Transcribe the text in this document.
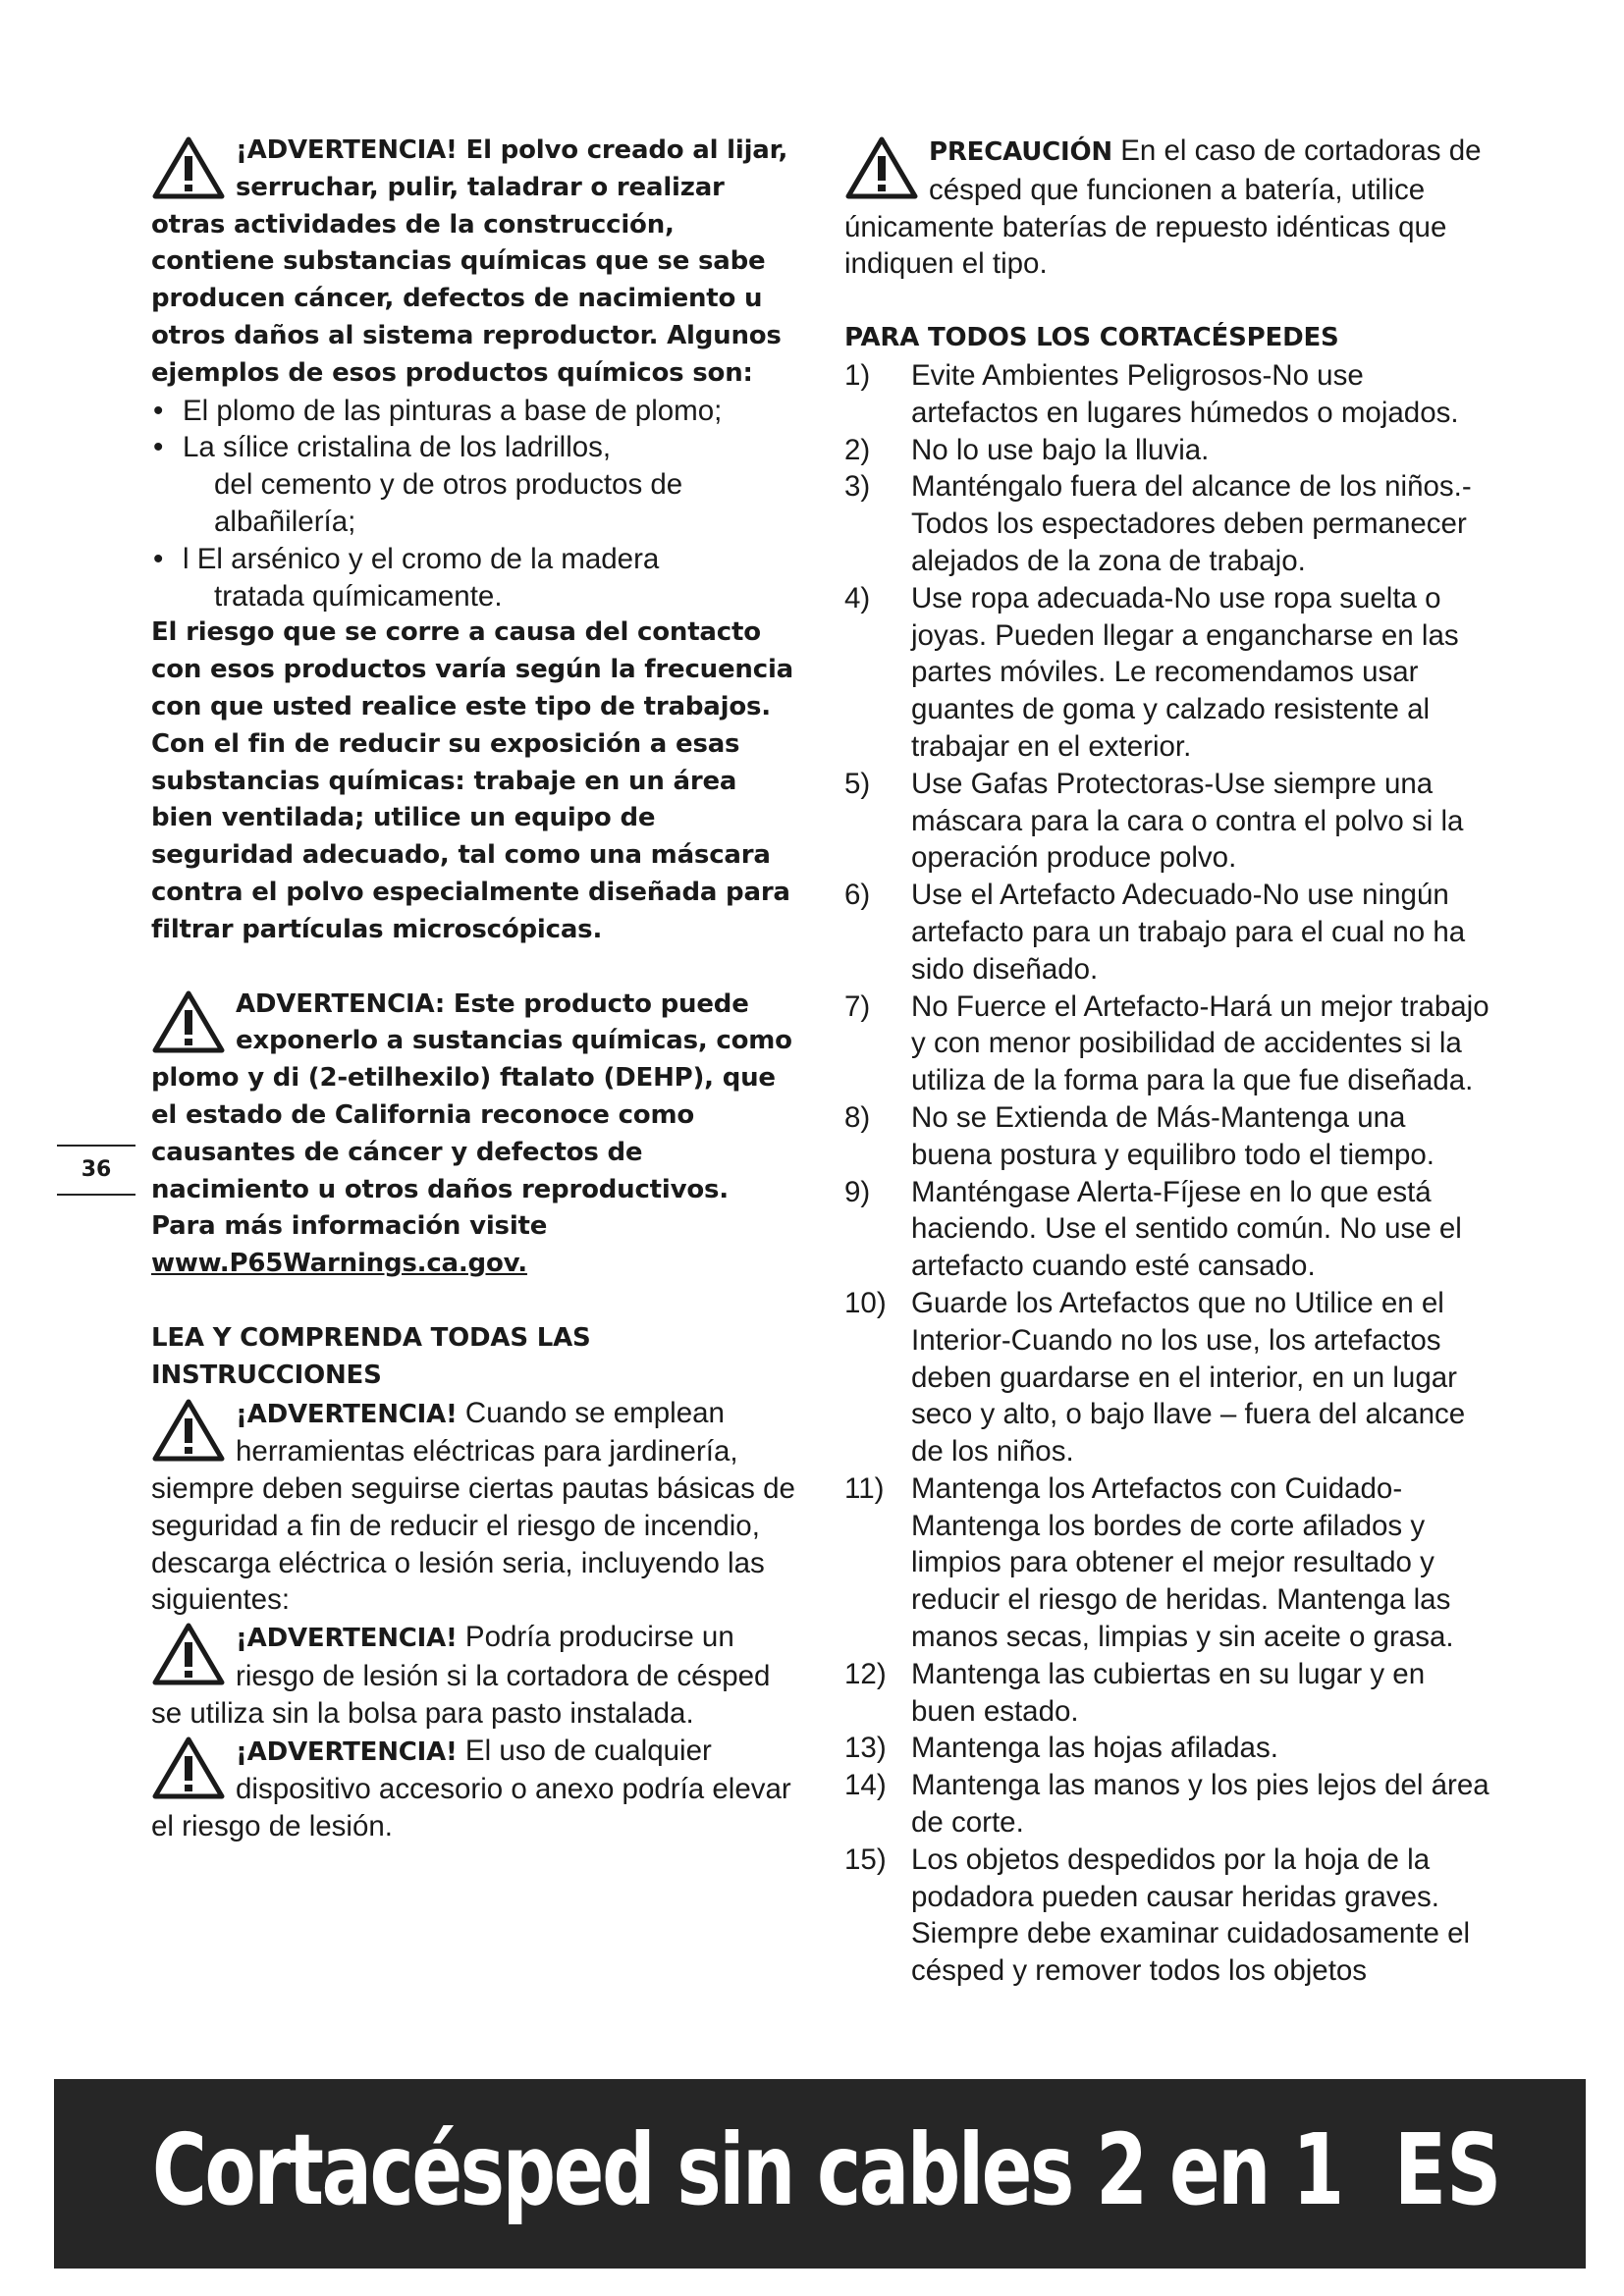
¡ADVERTENCIA! El polvo creado al lijar, serruchar, pulir, taladrar o realizar otras actividades de la construcción, contiene substancias químicas que se sabe producen cáncer, defectos de nacimiento u otros daños al sistema reproductor. Algunos ejemplos de esos productos químicos son:

• El plomo de las pinturas a base de plomo;
• La sílice cristalina de los ladrillos,
del cemento y de otros productos de albañilería;
• l El arsénico y el cromo de la madera
tratada químicamente.

El riesgo que se corre a causa del contacto con esos productos varía según la frecuencia con que usted realice este tipo de trabajos. Con el fin de reducir su exposición a esas substancias químicas: trabaje en un área bien ventilada; utilice un equipo de seguridad adecuado, tal como una máscara contra el polvo especialmente diseñada para filtrar partículas microscópicas.

ADVERTENCIA: Este producto puede exponerlo a sustancias químicas, como plomo y di (2-etilhexilo) ftalato (DEHP), que el estado de California reconoce como causantes de cáncer y defectos de nacimiento u otros daños reproductivos. Para más información visite www.P65Warnings.ca.gov.

LEA Y COMPRENDA TODAS LAS INSTRUCCIONES

¡ADVERTENCIA! Cuando se emplean herramientas eléctricas para jardinería, siempre deben seguirse ciertas pautas básicas de seguridad a fin de reducir el riesgo de incendio, descarga eléctrica o lesión seria, incluyendo las siguientes:

¡ADVERTENCIA! Podría producirse un riesgo de lesión si la cortadora de césped se utiliza sin la bolsa para pasto instalada.

¡ADVERTENCIA! El uso de cualquier dispositivo accesorio o anexo podría elevar el riesgo de lesión.

PRECAUCIÓN En el caso de cortadoras de césped que funcionen a batería, utilice únicamente baterías de repuesto idénticas que indiquen el tipo.

PARA TODOS LOS CORTACÉSPEDES

1) Evite Ambientes Peligrosos-No use artefactos en lugares húmedos o mojados.
2) No lo use bajo la lluvia.
3) Manténgalo fuera del alcance de los niños.-Todos los espectadores deben permanecer alejados de la zona de trabajo.
4) Use ropa adecuada-No use ropa suelta o joyas. Pueden llegar a engancharse en las partes móviles. Le recomendamos usar guantes de goma y calzado resistente al trabajar en el exterior.
5) Use Gafas Protectoras-Use siempre una máscara para la cara o contra el polvo si la operación produce polvo.
6) Use el Artefacto Adecuado-No use ningún artefacto para un trabajo para el cual no ha sido diseñado.
7) No Fuerce el Artefacto-Hará un mejor trabajo y con menor posibilidad de accidentes si la utiliza de la forma para la que fue diseñada.
8) No se Extienda de Más-Mantenga una buena postura y equilibro todo el tiempo.
9) Manténgase Alerta-Fíjese en lo que está haciendo. Use el sentido común. No use el artefacto cuando esté cansado.
10) Guarde los Artefactos que no Utilice en el Interior-Cuando no los use, los artefactos deben guardarse en el interior, en un lugar seco y alto, o bajo llave – fuera del alcance de los niños.
11) Mantenga los Artefactos con Cuidado-Mantenga los bordes de corte afilados y limpios para obtener el mejor resultado y reducir el riesgo de heridas. Mantenga las manos secas, limpias y sin aceite o grasa.
12) Mantenga las cubiertas en su lugar y en buen estado.
13) Mantenga las hojas afiladas.
14) Mantenga las manos y los pies lejos del área de corte.
15) Los objetos despedidos por la hoja de la podadora pueden causar heridas graves. Siempre debe examinar cuidadosamente el césped y remover todos los objetos
36
Cortacésped sin cables 2 en 1 ES
